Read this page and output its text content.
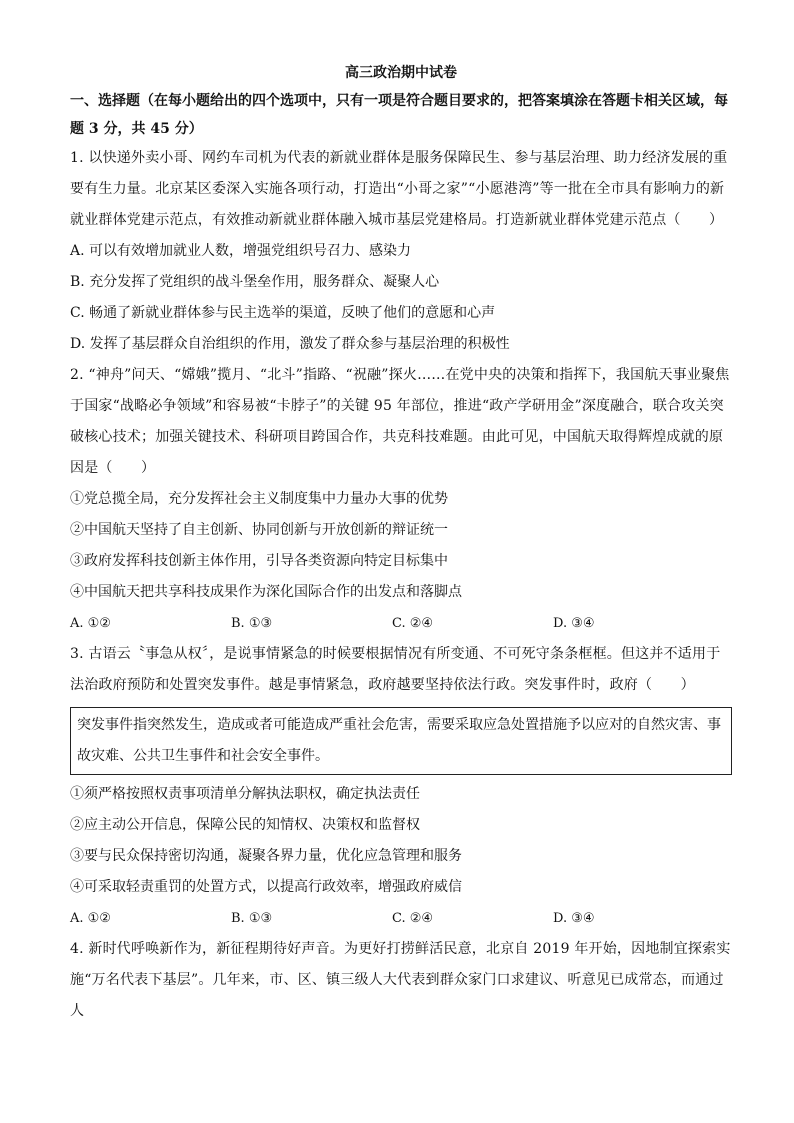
高三政治期中试卷
一、选择题（在每小题给出的四个选项中，只有一项是符合题目要求的，把答案填涂在答题卡相关区域，每题 3 分，共 45 分）
1. 以快递外卖小哥、网约车司机为代表的新就业群体是服务保障民生、参与基层治理、助力经济发展的重要有生力量。北京某区委深入实施各项行动，打造出“小哥之家”“小愿港湾”等一批在全市具有影响力的新就业群体党建示范点，有效推动新就业群体融入城市基层党建格局。打造新就业群体党建示范点（　　）
A. 可以有效增加就业人数，增强党组织号召力、感染力
B. 充分发挥了党组织的战斗堡垒作用，服务群众、凝聚人心
C. 畅通了新就业群体参与民主选举的渠道，反映了他们的意愿和心声
D. 发挥了基层群众自治组织的作用，激发了群众参与基层治理的积极性
2. “神舟”问天、“嫦娥”揽月、“北斗”指路、“祝融”探火……在党中央的决策和指挥下，我国航天事业聚焦于国家“战略必争领域”和容易被“卡脖子”的关键 95 年部位，推进“政产学研用金”深度融合，联合攻关突破核心技术；加强关键技术、科研项目跨国合作，共克科技难题。由此可见，中国航天取得辉煌成就的原因是（　　）
①党总揽全局，充分发挥社会主义制度集中力量办大事的优势
②中国航天坚持了自主创新、协同创新与开放创新的辩证统一
③政府发挥科技创新主体作用，引导各类资源向特定目标集中
④中国航天把共享科技成果作为深化国际合作的出发点和落脚点
A. ①②	B. ①③	C. ②④	D. ③④
3. 古语云〝事急从权〞，是说事情紧急的时候要根据情况有所变通、不可死守条条框框。但这并不适用于法治政府预防和处置突发事件。越是事情紧急，政府越要坚持依法行政。突发事件时，政府（　　）
突发事件指突然发生，造成或者可能造成严重社会危害，需要采取应急处置措施予以应对的自然灾害、事故灾难、公共卫生事件和社会安全事件。
①须严格按照权责事项清单分解执法职权，确定执法责任
②应主动公开信息，保障公民的知情权、决策权和监督权
③要与民众保持密切沟通，凝聚各界力量，优化应急管理和服务
④可采取轻责重罚的处置方式，以提高行政效率，增强政府威信
A. ①②	B. ①③	C. ②④	D. ③④
4. 新时代呼唤新作为，新征程期待好声音。为更好打捞鲜活民意，北京自 2019 年开始，因地制宜探索实施“万名代表下基层”。几年来，市、区、镇三级人大代表到群众家门口求建议、听意见已成常态，而通过人
